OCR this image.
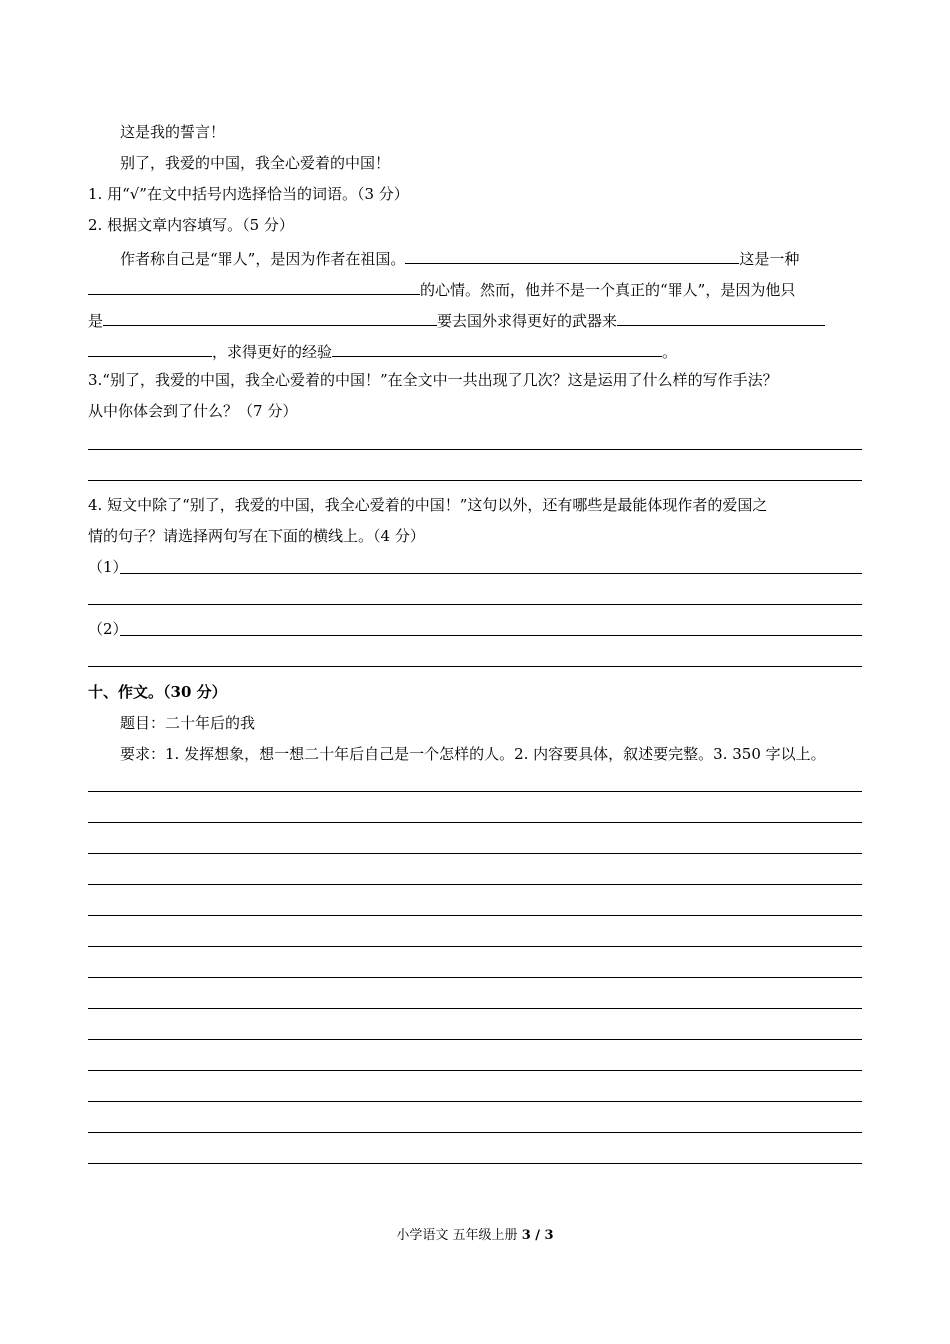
这是我的誓言！
别了，我爱的中国，我全心爱着的中国！
1. 用“√”在文中括号内选择恰当的词语。（3 分）
2. 根据文章内容填写。（5 分）
作者称自己是“罪人”，是因为作者在祖国。	这是一种
的心情。然而，他并不是一个真正的“罪人”，是因为他只
是	要去国外求得更好的武器来
，求得更好的经验	。
3.“别了，我爱的中国，我全心爱着的中国！”在全文中一共出现了几次？这是运用了什么样的写作手法？
从中你体会到了什么？（7 分）
4. 短文中除了“别了，我爱的中国，我全心爱着的中国！”这句以外，还有哪些是最能体现作者的爱国之
情的句子？请选择两句写在下面的横线上。（4 分）
（1）
（2）
十、作文。（30 分）
题目：二十年后的我
要求：1. 发挥想象，想一想二十年后自己是一个怎样的人。2. 内容要具体，叙述要完整。3. 350 字以上。
小学语文 五年级上册 3 / 3
